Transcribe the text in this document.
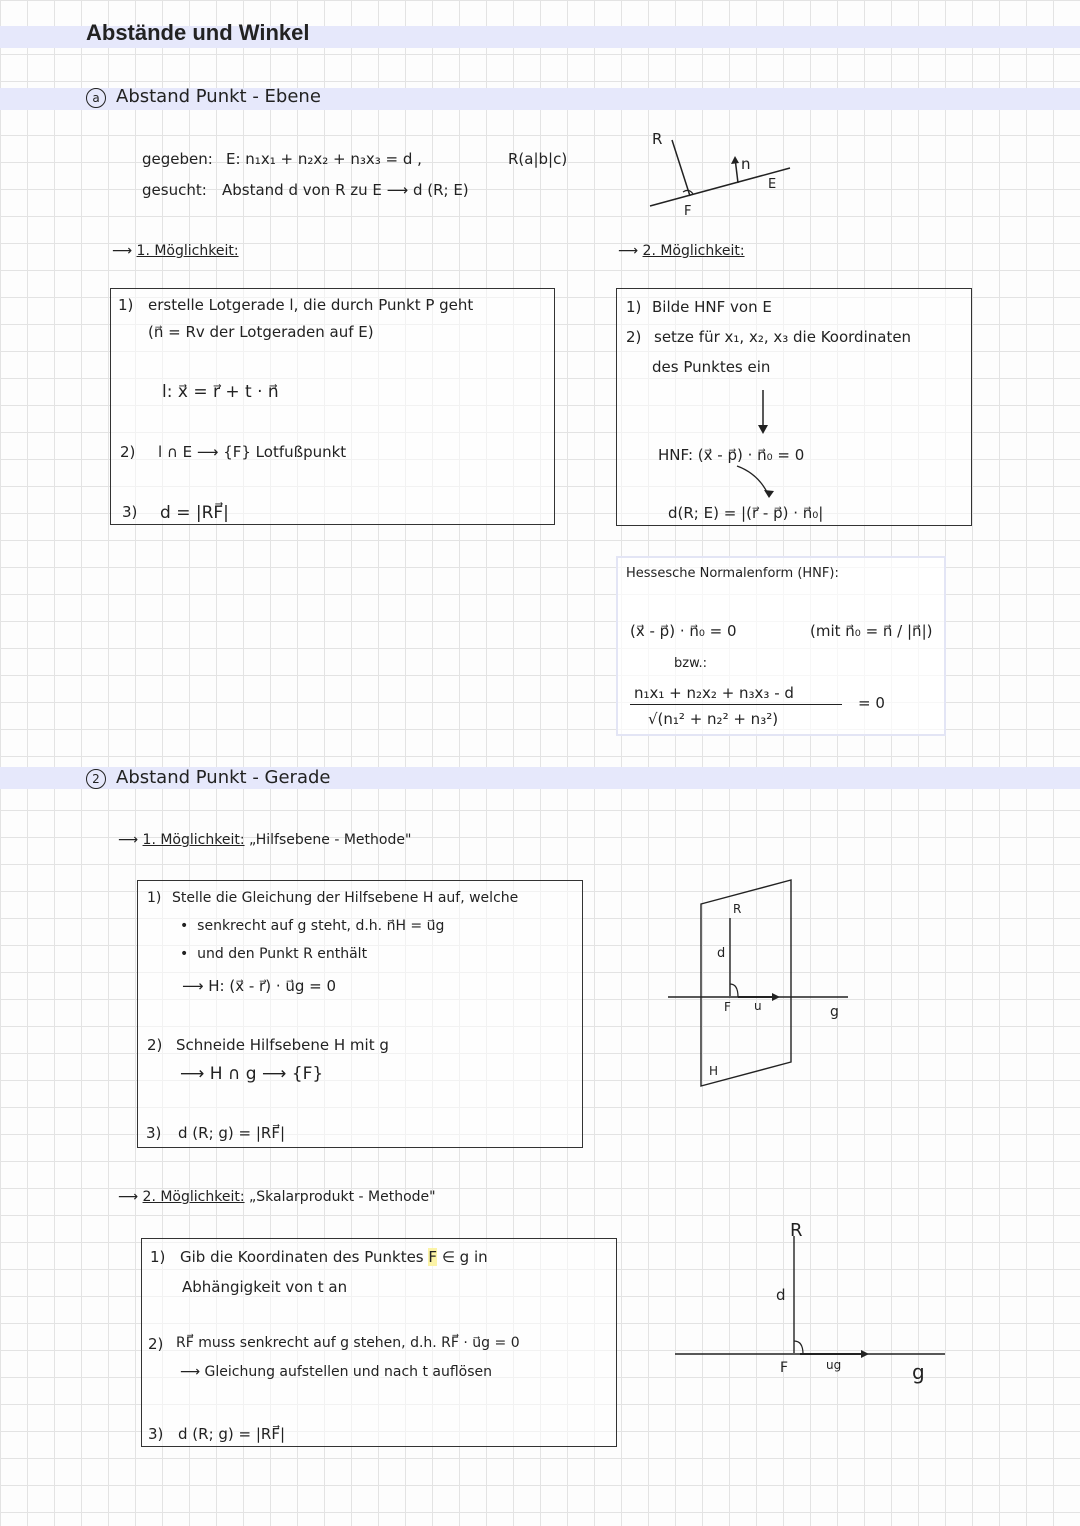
Abstände und Winkel
a Abstand Punkt - Ebene
gegeben: E: n₁x₁ + n₂x₂ + n₃x₃ = d ,	R(a|b|c)
gesucht: Abstand d von R zu E ⟶ d (R; E)
R
n
E
F
⟶ 1. Möglichkeit:
1) erstelle Lotgerade l, die durch Punkt P geht
(n⃗ = Rv der Lotgeraden auf E)
l: x⃗ = r⃗ + t · n⃗
2) l ∩ E ⟶ {F} Lotfußpunkt
3) d = |RF⃗|
⟶ 2. Möglichkeit:
1) Bilde HNF von E
2) setze für x₁, x₂, x₃ die Koordinaten
des Punktes ein
HNF: (x⃗ - p⃗) · n⃗₀ = 0
d(R; E) = |(r⃗ - p⃗) · n⃗₀|
Hessesche Normalenform (HNF):
(x⃗ - p⃗) · n⃗₀ = 0	(mit n⃗₀ = n⃗ / |n⃗|)
bzw.:
n₁x₁ + n₂x₂ + n₃x₃ - d
√(n₁² + n₂² + n₃²)
= 0
2 Abstand Punkt - Gerade
⟶ 1. Möglichkeit: „Hilfsebene - Methode"
1) Stelle die Gleichung der Hilfsebene H auf, welche
•  senkrecht auf g steht, d.h. n⃗H = u⃗g
•  und den Punkt R enthält
⟶ H: (x⃗ - r⃗) · u⃗g = 0
2) Schneide Hilfsebene H mit g
⟶ H ∩ g ⟶ {F}
3) d (R; g) = |RF⃗|
R
d
F u	g
H
⟶ 2. Möglichkeit: „Skalarprodukt - Methode"
1) Gib die Koordinaten des Punktes F ∈ g in
Abhängigkeit von t an
2) RF⃗ muss senkrecht auf g stehen, d.h. RF⃗ · u⃗g = 0
⟶ Gleichung aufstellen und nach t auflösen
3) d (R; g) = |RF⃗|
R
d
F	ug	g
